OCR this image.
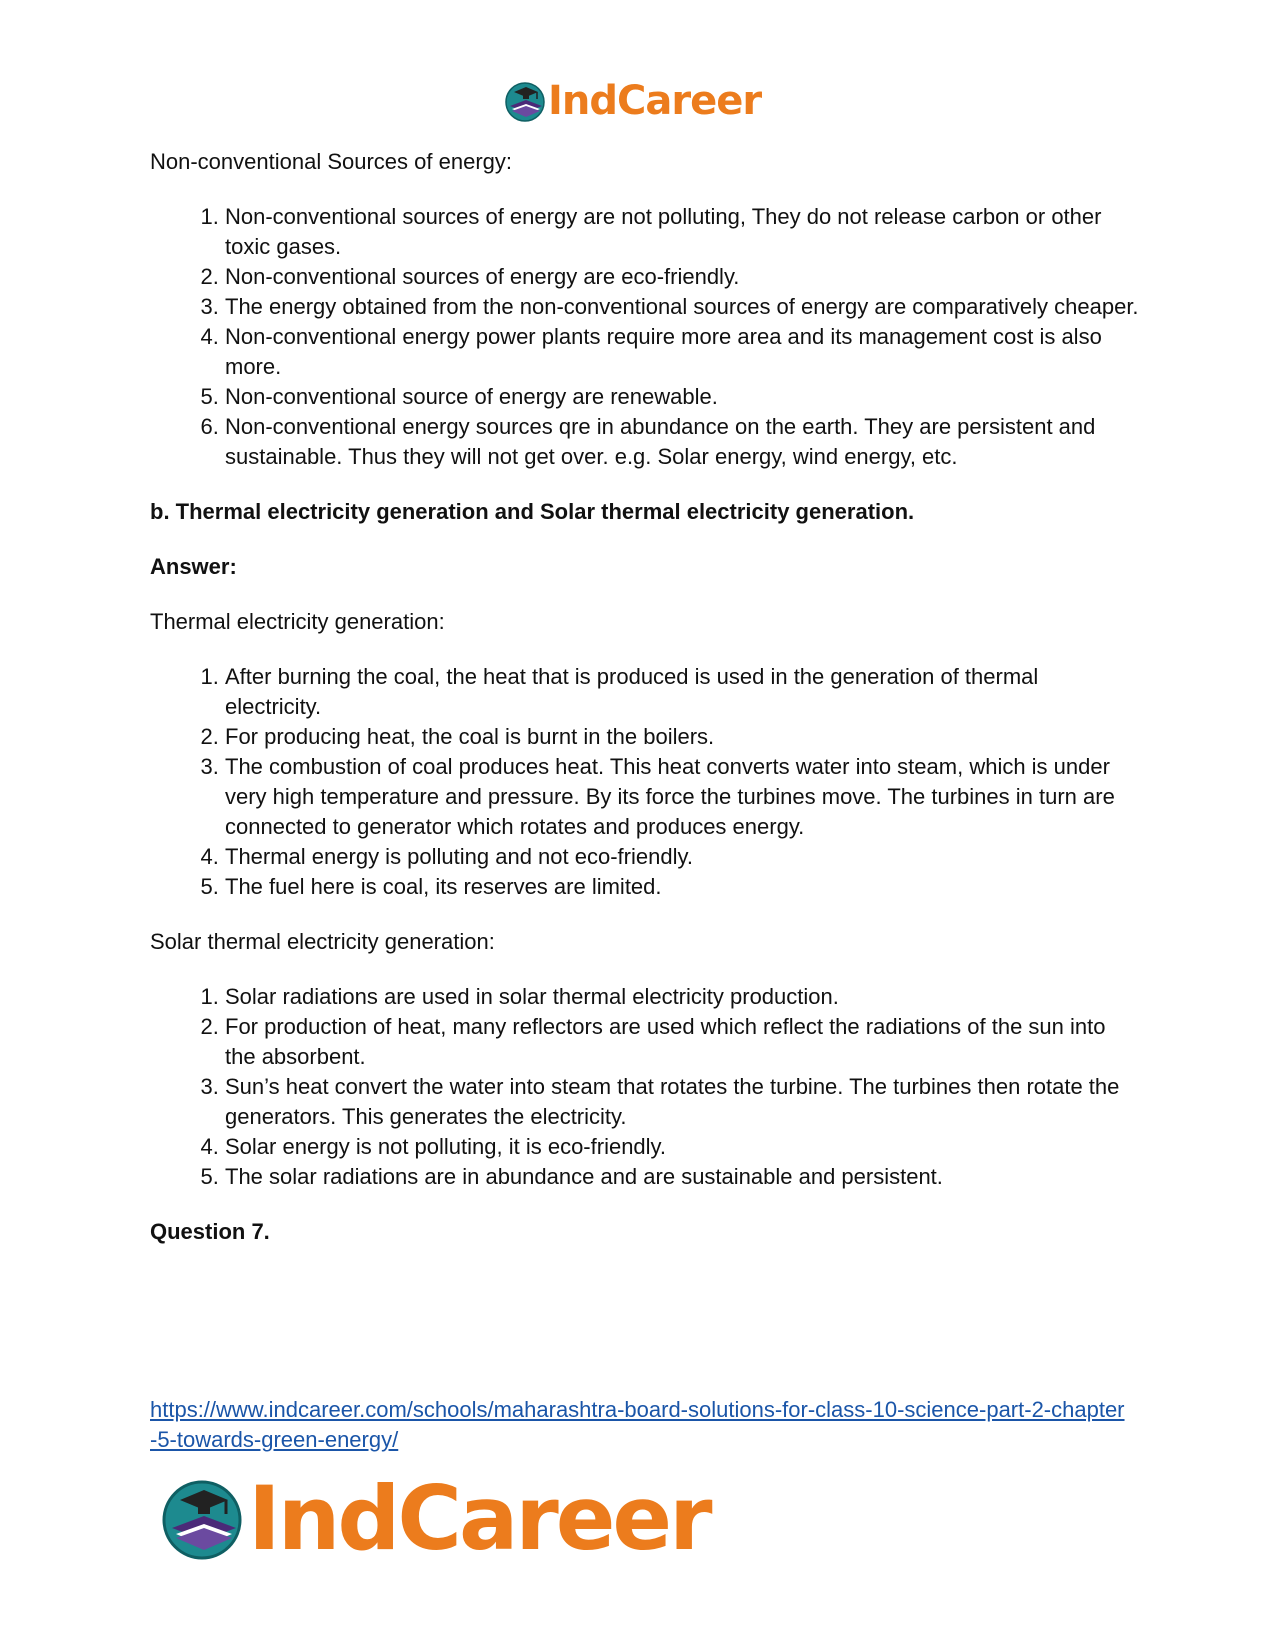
IndCareer

Non-conventional Sources of energy:

1. Non-conventional sources of energy are not polluting, They do not release carbon or other toxic gases.
2. Non-conventional sources of energy are eco-friendly.
3. The energy obtained from the non-conventional sources of energy are comparatively cheaper.
4. Non-conventional energy power plants require more area and its management cost is also more.
5. Non-conventional source of energy are renewable.
6. Non-conventional energy sources qre in abundance on the earth. They are persistent and sustainable. Thus they will not get over. e.g. Solar energy, wind energy, etc.

b. Thermal electricity generation and Solar thermal electricity generation.

Answer:

Thermal electricity generation:

1. After burning the coal, the heat that is produced is used in the generation of thermal electricity.
2. For producing heat, the coal is burnt in the boilers.
3. The combustion of coal produces heat. This heat converts water into steam, which is under very high temperature and pressure. By its force the turbines move. The turbines in turn are connected to generator which rotates and produces energy.
4. Thermal energy is polluting and not eco-friendly.
5. The fuel here is coal, its reserves are limited.

Solar thermal electricity generation:

1. Solar radiations are used in solar thermal electricity production.
2. For production of heat, many reflectors are used which reflect the radiations of the sun into the absorbent.
3. Sun’s heat convert the water into steam that rotates the turbine. The turbines then rotate the generators. This generates the electricity.
4. Solar energy is not polluting, it is eco-friendly.
5. The solar radiations are in abundance and are sustainable and persistent.

Question 7.

https://www.indcareer.com/schools/maharashtra-board-solutions-for-class-10-science-part-2-chapter-5-towards-green-energy/
IndCareer
